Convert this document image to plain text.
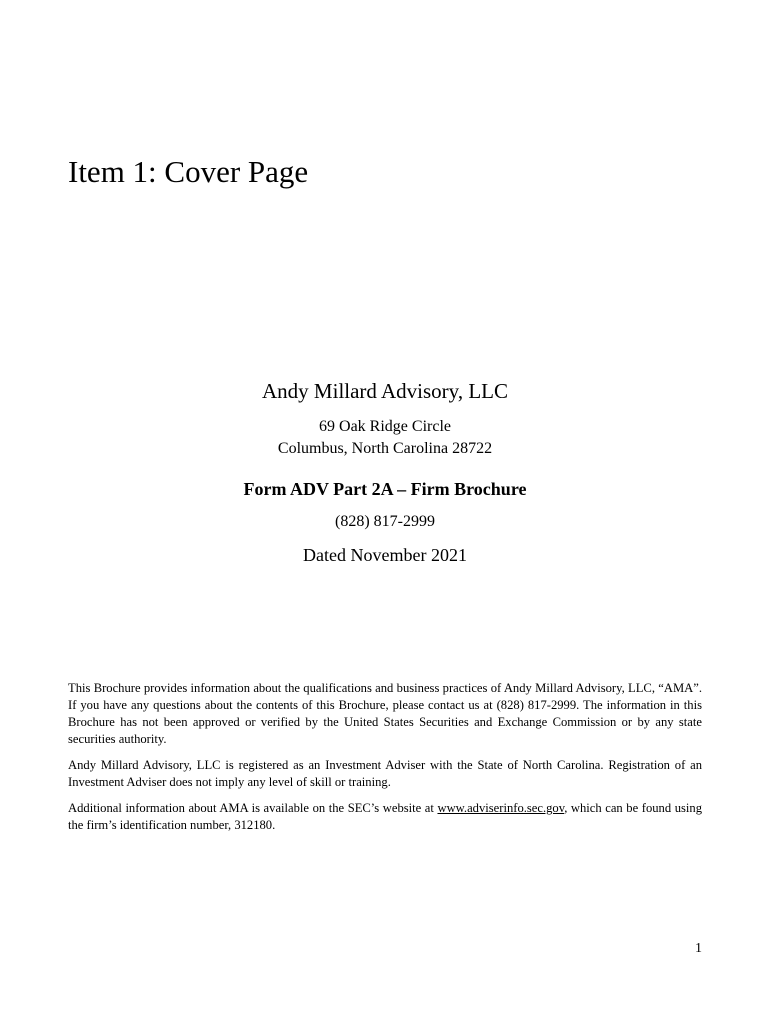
Item 1: Cover Page

Andy Millard Advisory, LLC

69 Oak Ridge Circle

Columbus, North Carolina 28722

Form ADV Part 2A – Firm Brochure

(828) 817-2999

Dated November 2021

This Brochure provides information about the qualifications and business practices of Andy Millard Advisory, LLC, “AMA”. If you have any questions about the contents of this Brochure, please contact us at (828) 817-2999. The information in this Brochure has not been approved or verified by the United States Securities and Exchange Commission or by any state securities authority.

Andy Millard Advisory, LLC is registered as an Investment Adviser with the State of North Carolina. Registration of an Investment Adviser does not imply any level of skill or training.

Additional information about AMA is available on the SEC’s website at www.adviserinfo.sec.gov, which can be found using the firm’s identification number, 312180.

1
